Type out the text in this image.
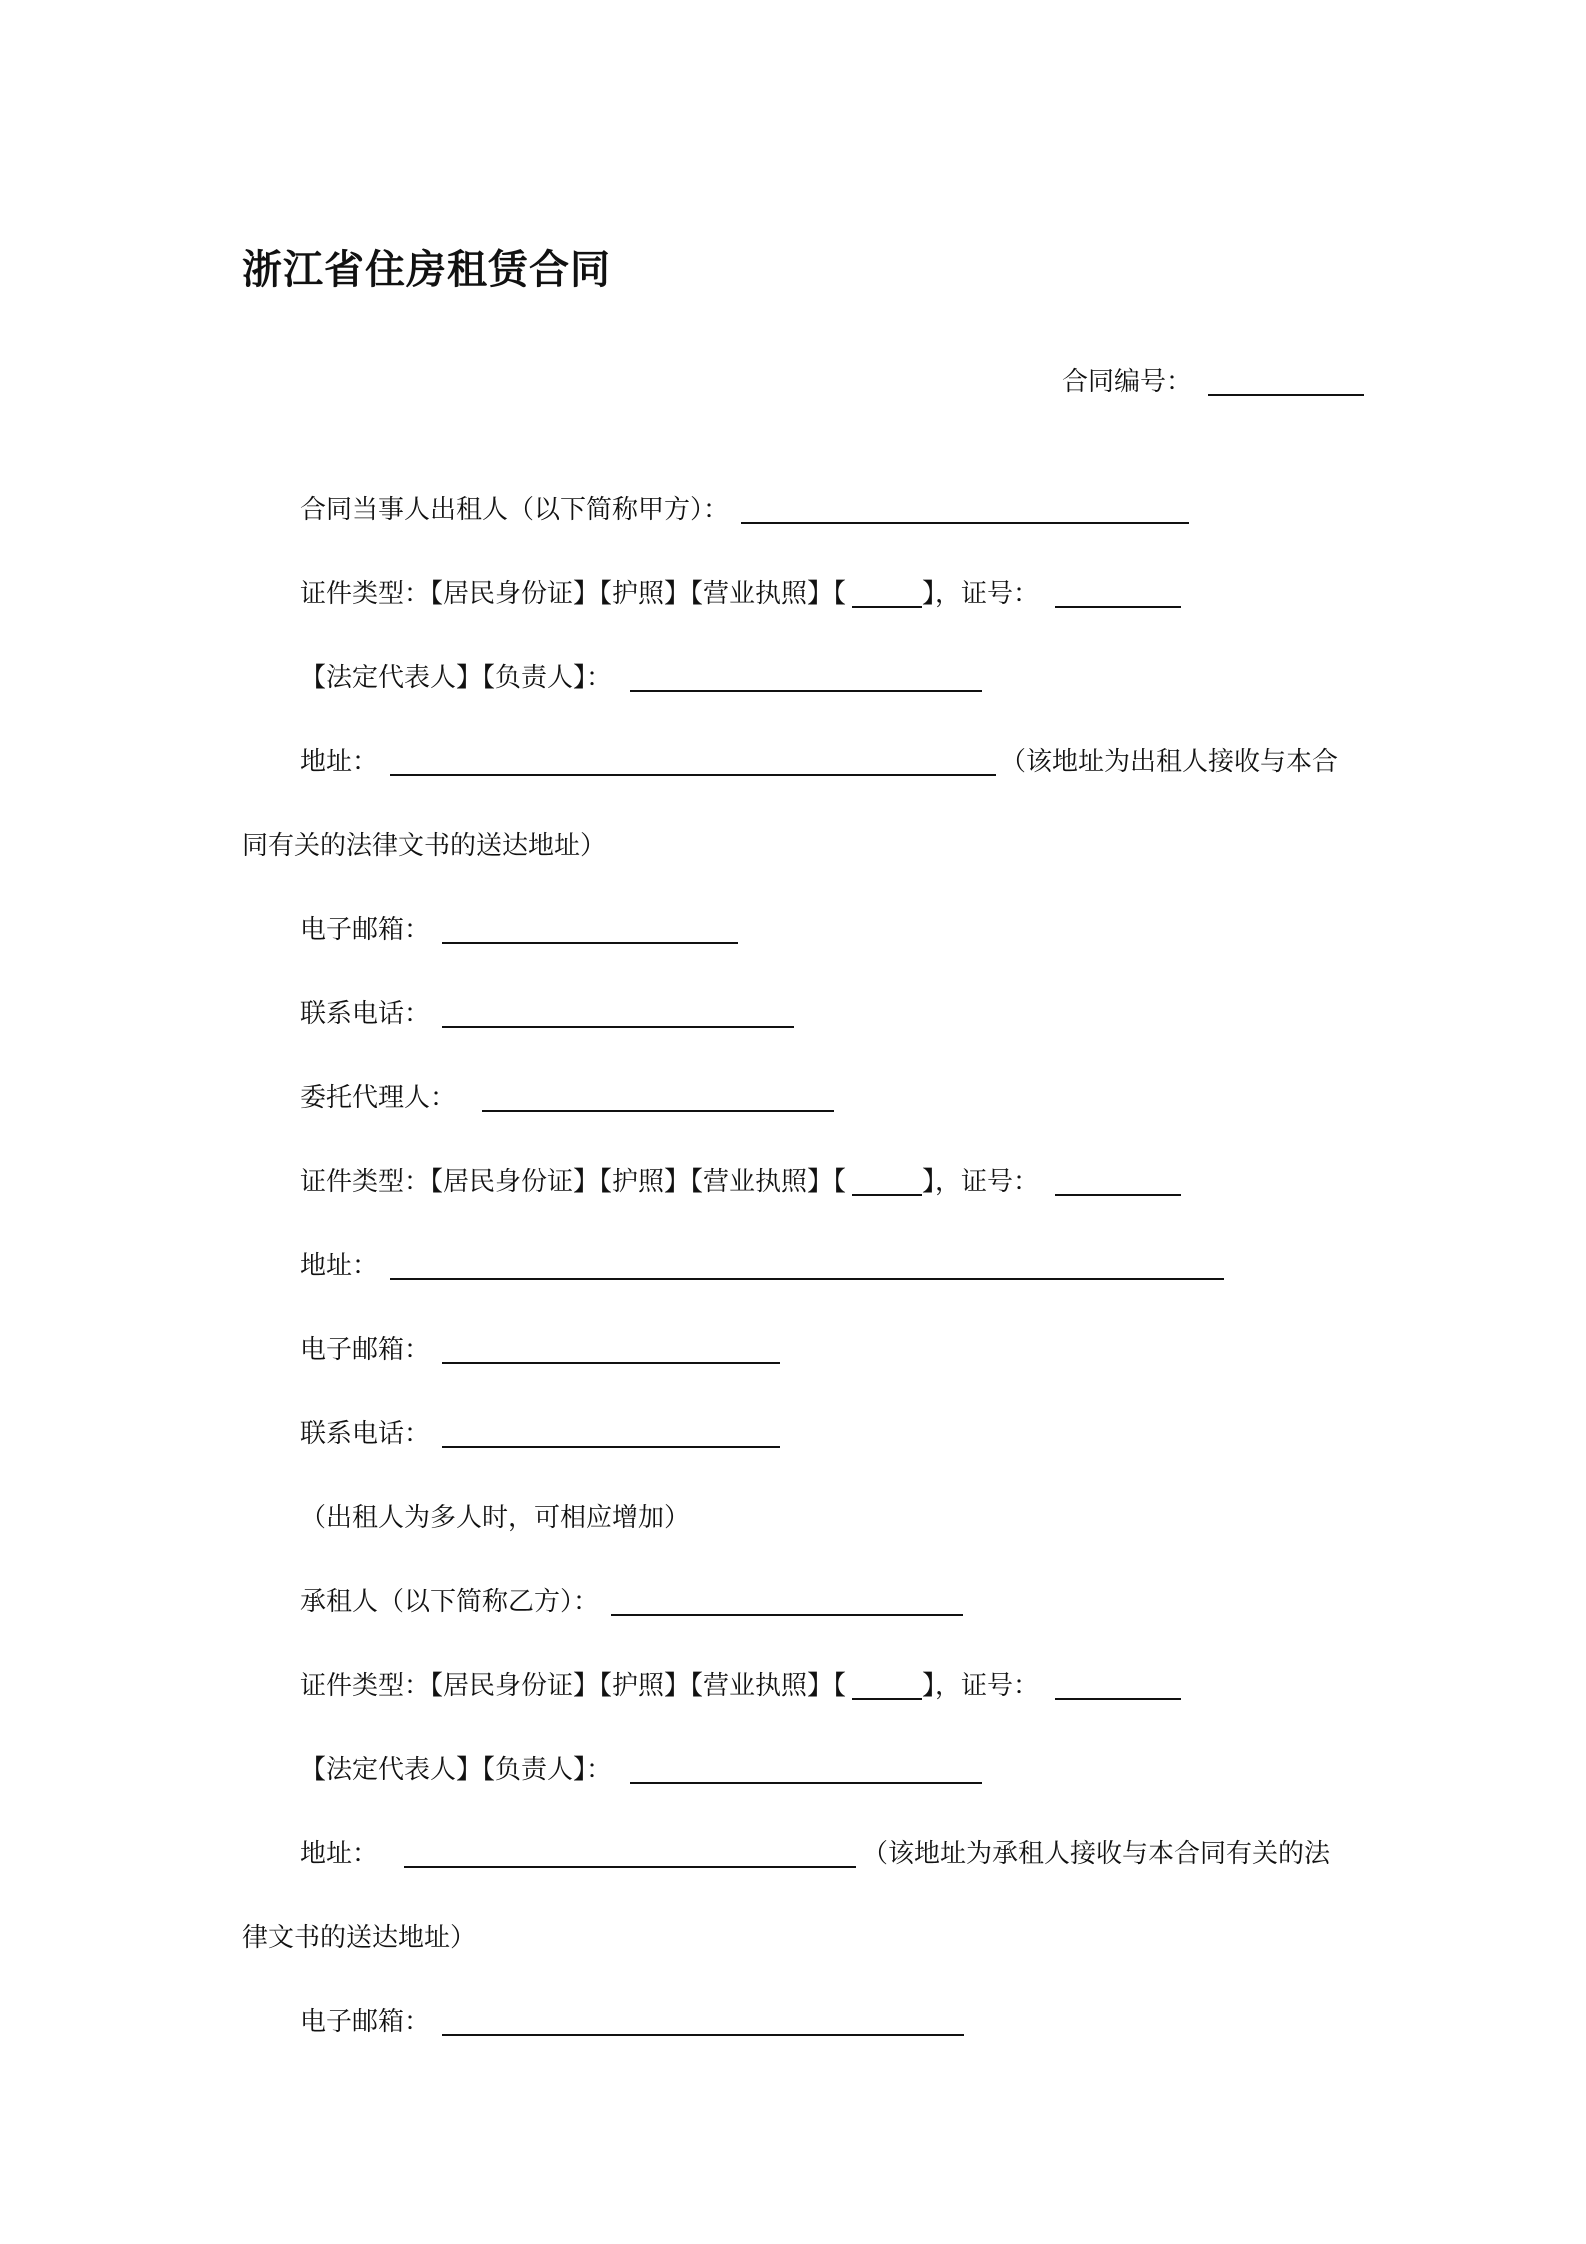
浙江省住房租赁合同
合同编号：
合同当事人出租人（以下简称甲方）：
证件类型：【居民身份证】【护照】【营业执照】【	】，证号：
【法定代表人】【负责人】：
地址：	（该地址为出租人接收与本合
同有关的法律文书的送达地址）
电子邮箱：
联系电话：
委托代理人：
证件类型：【居民身份证】【护照】【营业执照】【	】，证号：
地址：
电子邮箱：
联系电话：
（出租人为多人时，可相应增加）
承租人（以下简称乙方）：
证件类型：【居民身份证】【护照】【营业执照】【	】，证号：
【法定代表人】【负责人】：
地址：	（该地址为承租人接收与本合同有关的法
律文书的送达地址）
电子邮箱：
